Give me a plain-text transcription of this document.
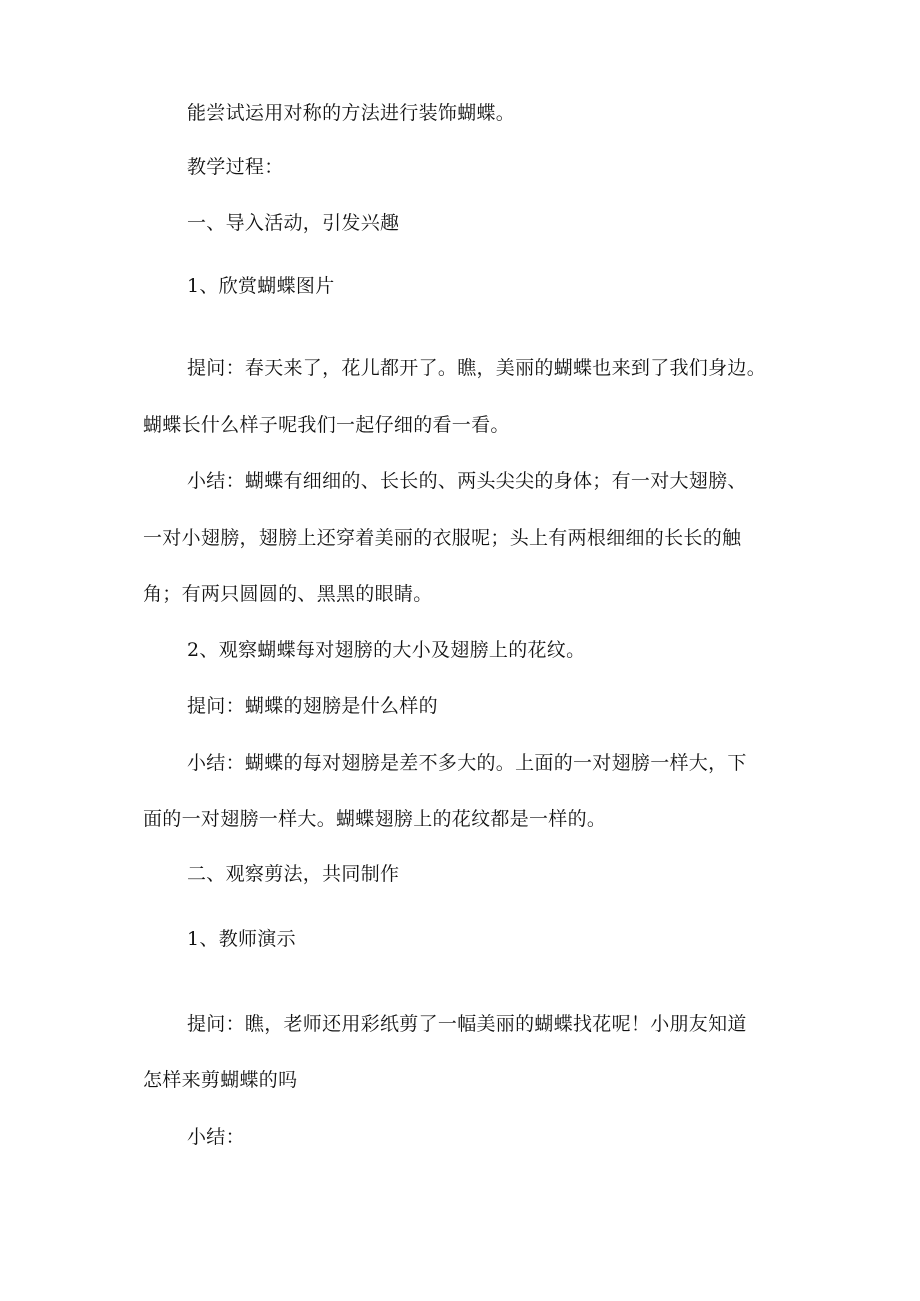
能尝试运用对称的方法进行装饰蝴蝶。
教学过程：
一、导入活动，引发兴趣
1、欣赏蝴蝶图片
提问：春天来了，花儿都开了。瞧，美丽的蝴蝶也来到了我们身边。
蝴蝶长什么样子呢我们一起仔细的看一看。
小结：蝴蝶有细细的、长长的、两头尖尖的身体；有一对大翅膀、
一对小翅膀，翅膀上还穿着美丽的衣服呢；头上有两根细细的长长的触
角；有两只圆圆的、黑黑的眼睛。
2、观察蝴蝶每对翅膀的大小及翅膀上的花纹。
提问：蝴蝶的翅膀是什么样的
小结：蝴蝶的每对翅膀是差不多大的。上面的一对翅膀一样大，下
面的一对翅膀一样大。蝴蝶翅膀上的花纹都是一样的。
二、观察剪法，共同制作
1、教师演示
提问：瞧，老师还用彩纸剪了一幅美丽的蝴蝶找花呢！小朋友知道
怎样来剪蝴蝶的吗
小结：
